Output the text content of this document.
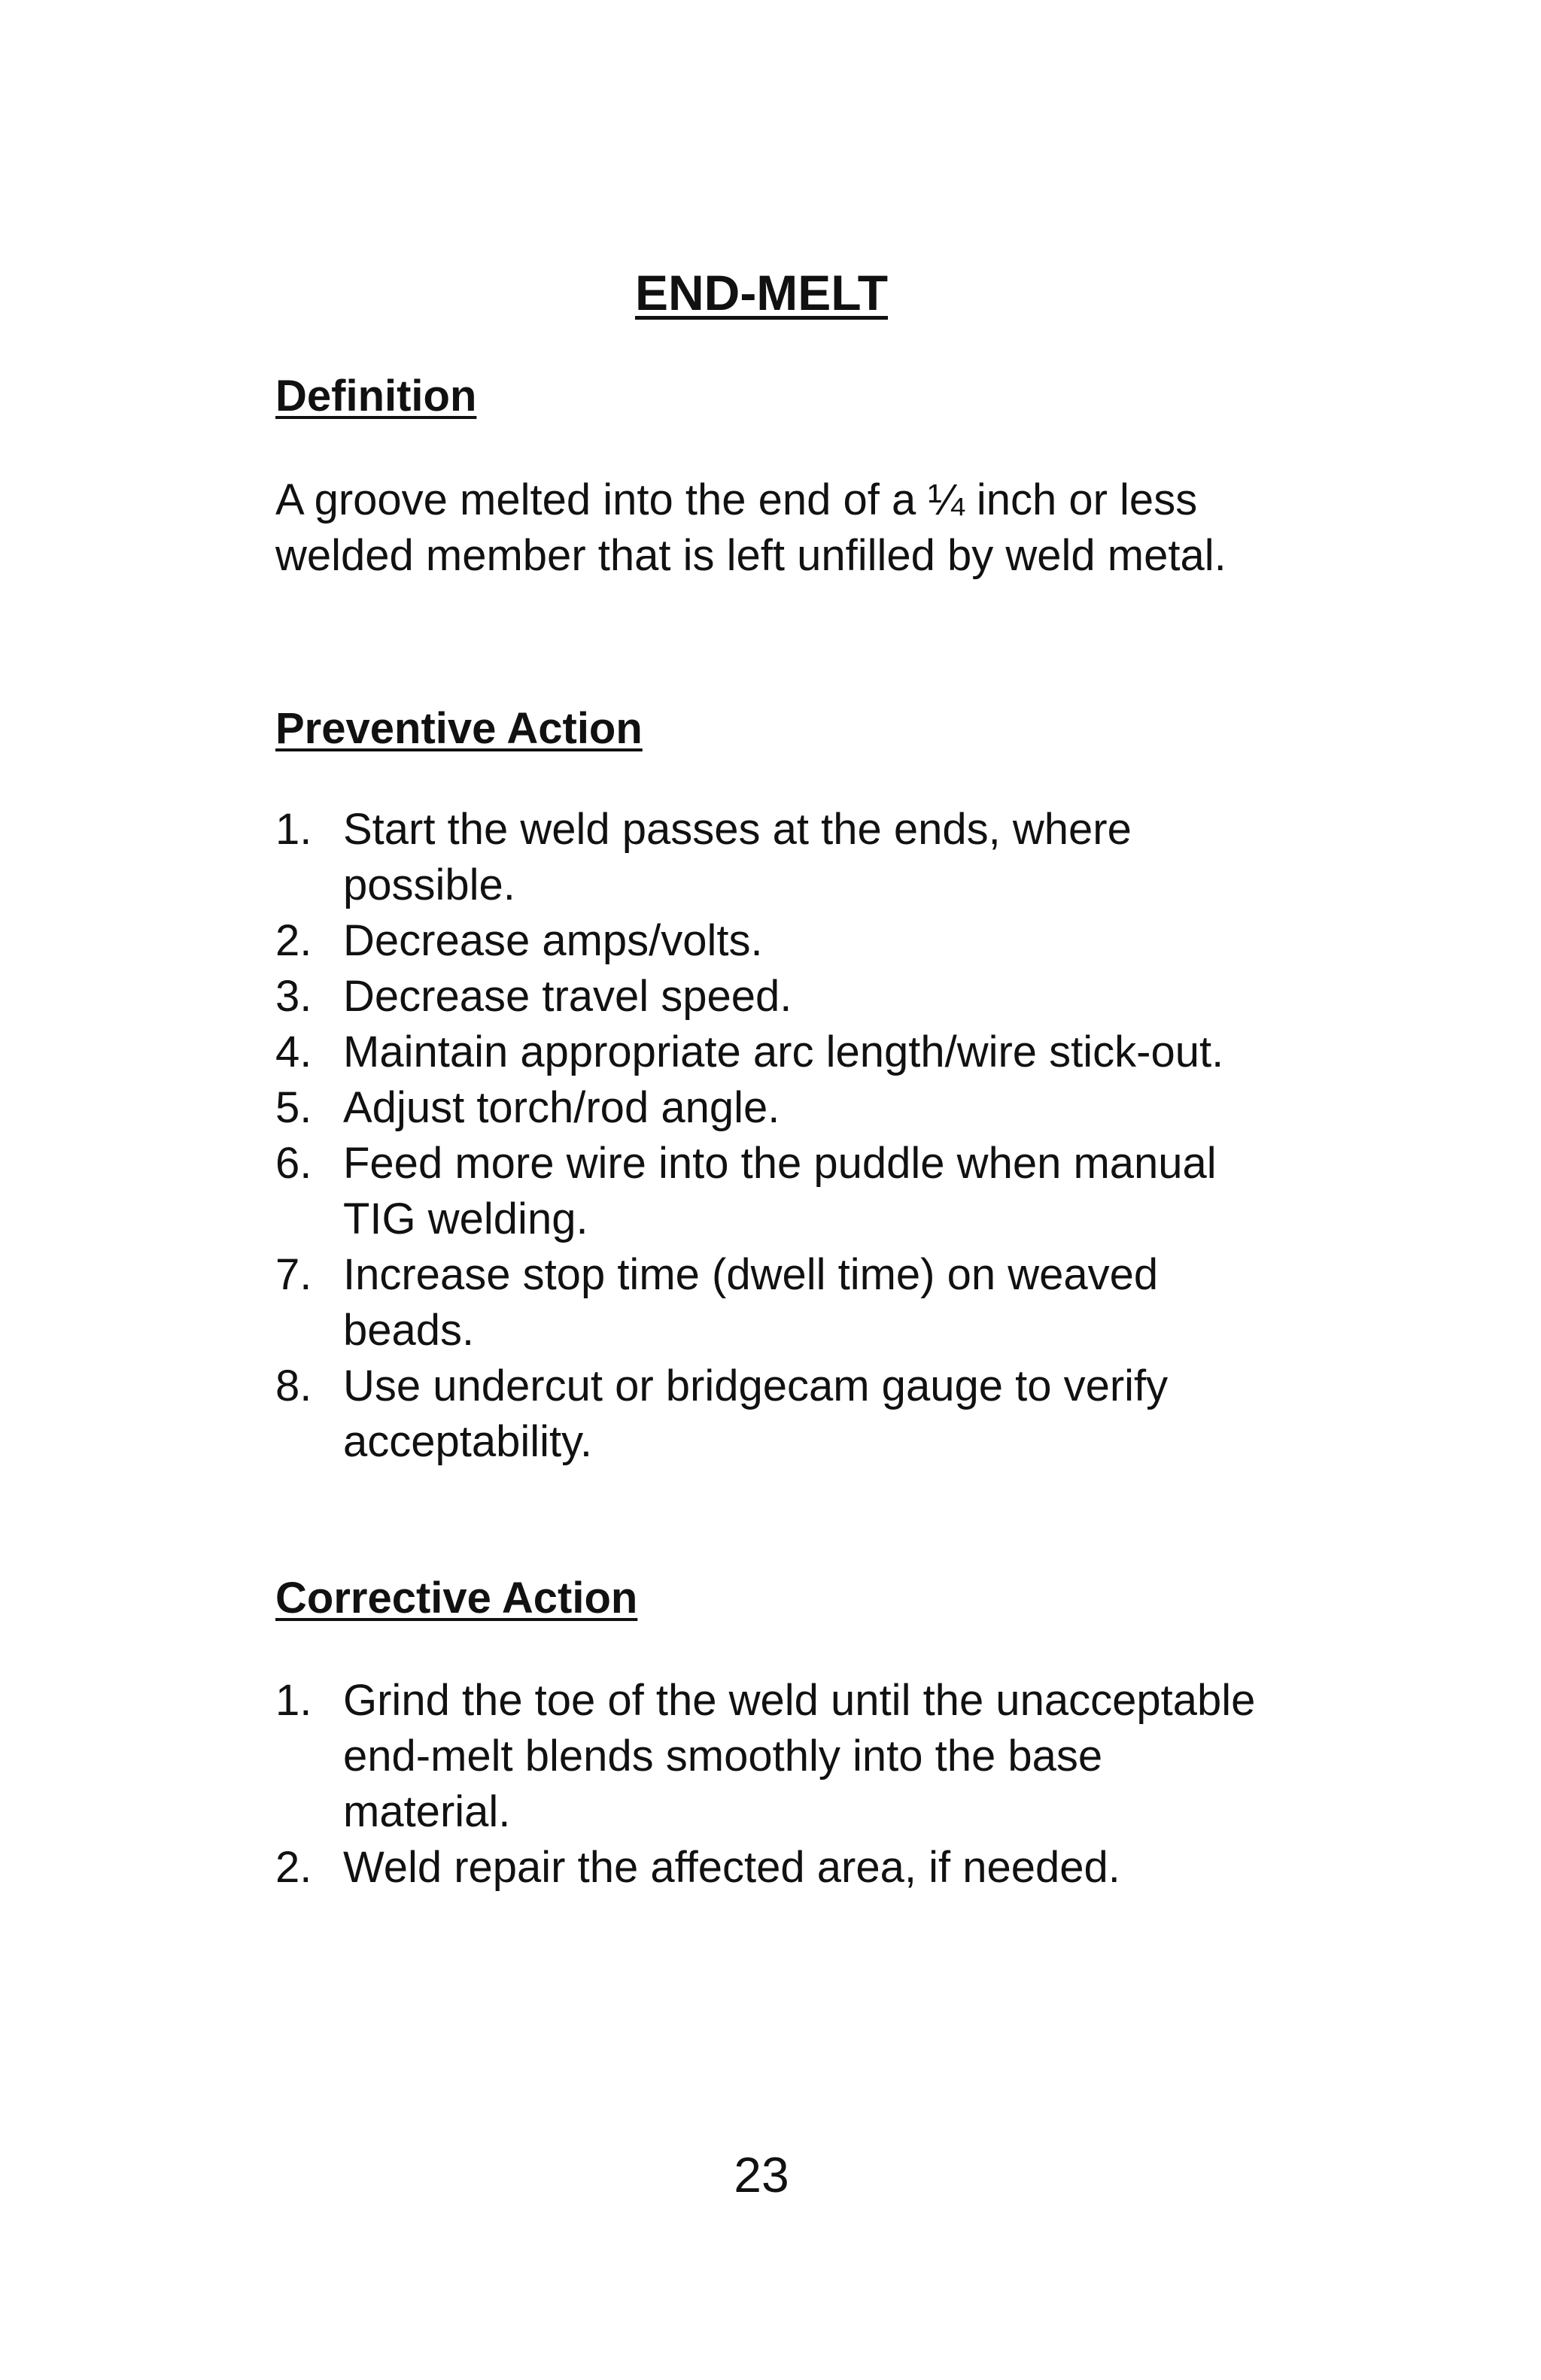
END-MELT

Definition

A groove melted into the end of a ¼ inch or less welded member that is left unfilled by weld metal.

Preventive Action

1. Start the weld passes at the ends, where possible.
2. Decrease amps/volts.
3. Decrease travel speed.
4. Maintain appropriate arc length/wire stick-out.
5. Adjust torch/rod angle.
6. Feed more wire into the puddle when manual TIG welding.
7. Increase stop time (dwell time) on weaved beads.
8. Use undercut or bridgecam gauge to verify acceptability.

Corrective Action

1. Grind the toe of the weld until the unacceptable end-melt blends smoothly into the base material.
2. Weld repair the affected area, if needed.
23
